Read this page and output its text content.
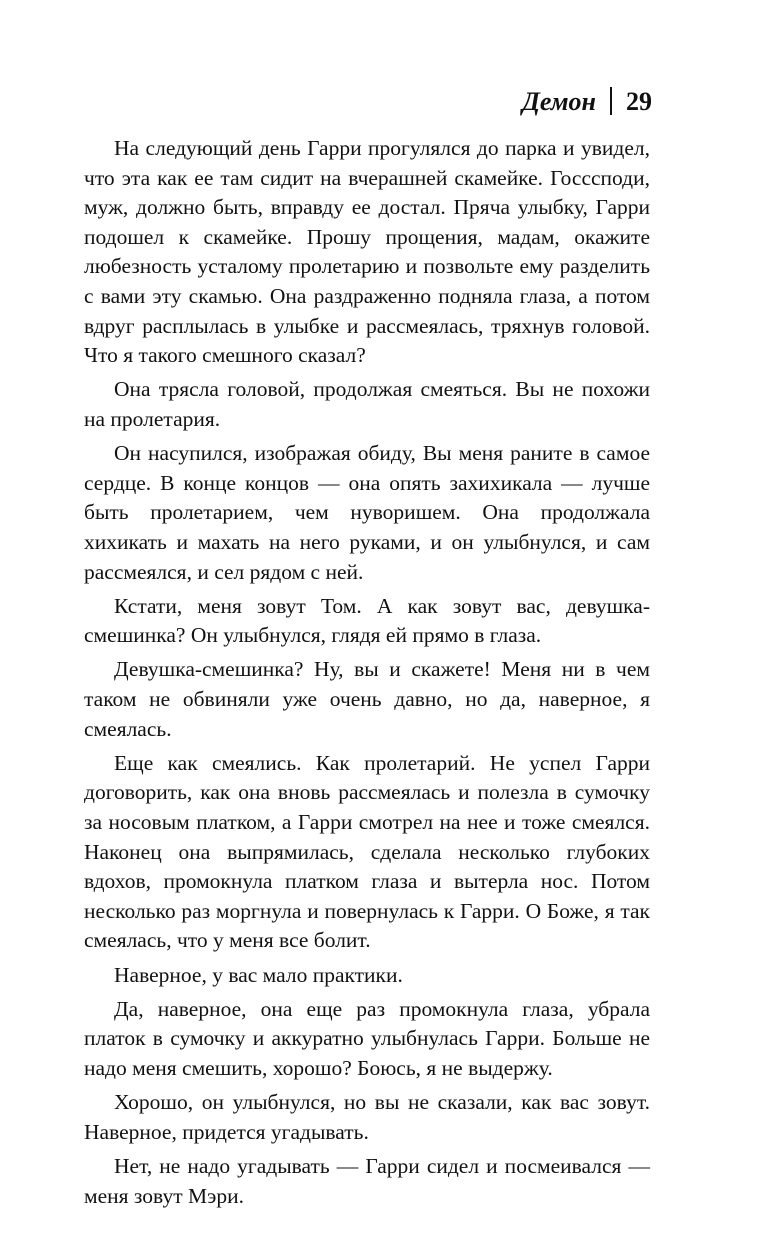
Демон 29

На следующий день Гарри прогулялся до парка и увидел, что эта как ее там сидит на вчерашней скамейке. Госссподи, муж, должно быть, вправду ее достал. Пряча улыбку, Гарри подошел к скамейке. Прошу прощения, мадам, окажите любезность усталому пролетарию и позвольте ему разделить с вами эту скамью. Она раздраженно подняла глаза, а потом вдруг расплылась в улыбке и рассмеялась, тряхнув головой. Что я такого смешного сказал?

Она трясла головой, продолжая смеяться. Вы не похожи на пролетария.

Он насупился, изображая обиду, Вы меня раните в самое сердце. В конце концов — она опять захихикала — лучше быть пролетарием, чем нуворишем. Она продолжала хихикать и махать на него руками, и он улыбнулся, и сам рассмеялся, и сел рядом с ней.

Кстати, меня зовут Том. А как зовут вас, девушка-смешинка? Он улыбнулся, глядя ей прямо в глаза.

Девушка-смешинка? Ну, вы и скажете! Меня ни в чем таком не обвиняли уже очень давно, но да, наверное, я смеялась.

Еще как смеялись. Как пролетарий. Не успел Гарри договорить, как она вновь рассмеялась и полезла в сумочку за носовым платком, а Гарри смотрел на нее и тоже смеялся. Наконец она выпрямилась, сделала несколько глубоких вдохов, промокнула платком глаза и вытерла нос. Потом несколько раз моргнула и повернулась к Гарри. О Боже, я так смеялась, что у меня все болит.

Наверное, у вас мало практики.

Да, наверное, она еще раз промокнула глаза, убрала платок в сумочку и аккуратно улыбнулась Гарри. Больше не надо меня смешить, хорошо? Боюсь, я не выдержу.

Хорошо, он улыбнулся, но вы не сказали, как вас зовут. Наверное, придется угадывать.

Нет, не надо угадывать — Гарри сидел и посмеивался — меня зовут Мэри.
